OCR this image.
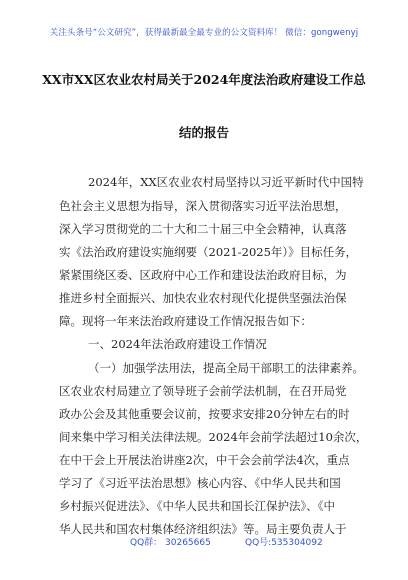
关注头条号“公文研究”，获得最新最全最专业的公文资料库！ 微信：gongwenyj
XX市XX区农业农村局关于2024年度法治政府建设工作总
结的报告
2024年，XX区农业农村局坚持以习近平新时代中国特
色社会主义思想为指导，深入贯彻落实习近平法治思想，
深入学习贯彻党的二十大和二十届三中全会精神，认真落
实《法治政府建设实施纲要（2021-2025年）》目标任务，
紧紧围绕区委、区政府中心工作和建设法治政府目标，为
推进乡村全面振兴、加快农业农村现代化提供坚强法治保
障。现将一年来法治政府建设工作情况报告如下：
一、2024年法治政府建设工作情况
（一）加强学法用法，提高全局干部职工的法律素养。
区农业农村局建立了领导班子会前学法机制，在召开局党
政办公会及其他重要会议前，按要求安排20分钟左右的时
间来集中学习相关法律法规。2024年会前学法超过10余次，
在中干会上开展法治讲座2次，中干会会前学法4次，重点
学习了《习近平法治思想》核心内容、《中华人民共和国
乡村振兴促进法》、《中华人民共和国长江保护法》、《中
华人民共和国农村集体经济组织法》等。局主要负责人于
QQ群： 30265665	QQ号:535304092
